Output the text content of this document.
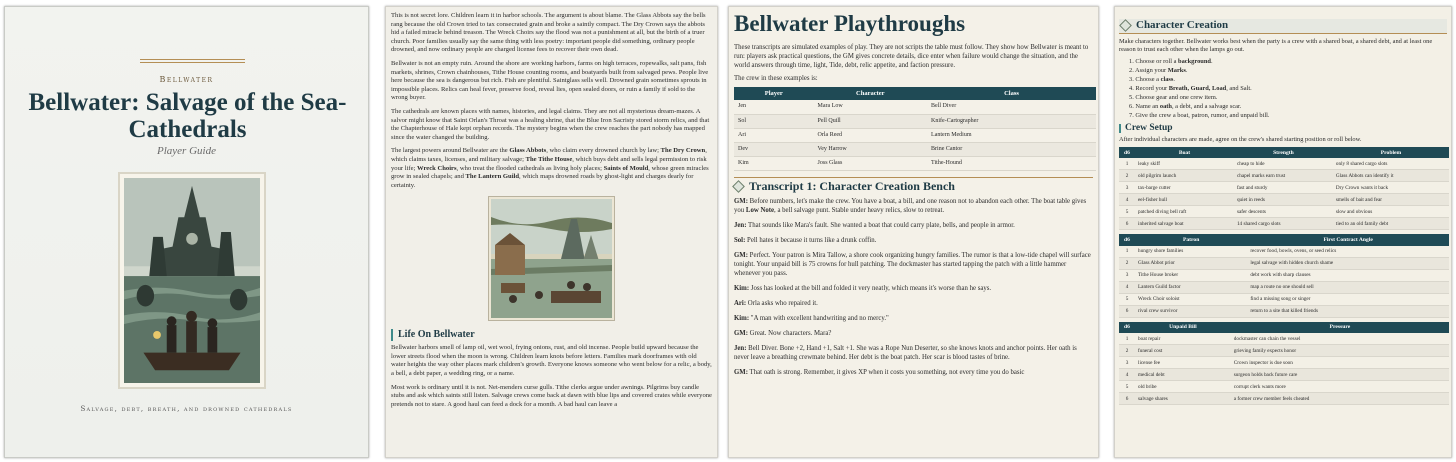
Bellwater
Bellwater: Salvage of the Sea-Cathedrals
Player Guide
Salvage, debt, breath, and drowned cathedrals

This is not secret lore. Children learn it in harbor schools. The argument is about blame. The Glass Abbots say the bells rang because the old Crown tried to tax consecrated grain and broke a saintly compact. The Dry Crown says the abbots hid a failed miracle behind treason. The Wreck Choirs say the flood was not a punishment at all, but the birth of a truer church. Poor families usually say the same thing with less poetry: important people did something, ordinary people drowned, and now ordinary people are charged license fees to recover their own dead.

Bellwater is not an empty ruin. Around the shore are working harbors, farms on high terraces, ropewalks, salt pans, fish markets, shrines, Crown chainhouses, Tithe House counting rooms, and boatyards built from salvaged pews. People live here because the sea is dangerous but rich. Fish are plentiful. Saintglass sells well. Drowned grain sometimes sprouts in impossible places. Relics can heal fever, preserve food, reveal lies, open sealed doors, or ruin a family if sold to the wrong buyer.

The cathedrals are known places with names, histories, and legal claims. They are not all mysterious dream-mazes. A salvor might know that Saint Orlan's Throat was a healing shrine, that the Blue Iron Sacristy stored storm relics, and that the Chapterhouse of Hale kept orphan records. The mystery begins when the crew reaches the part nobody has mapped since the water changed the building.

The largest powers around Bellwater are the Glass Abbots, who claim every drowned church by law; The Dry Crown, which claims taxes, licenses, and military salvage; The Tithe House, which buys debt and sells legal permission to risk your life; Wreck Choirs, who treat the flooded cathedrals as living holy places; Saints of Mould, whose green miracles grow in sealed chapels; and The Lantern Guild, which maps drowned roads by ghost-light and charges dearly for certainty.

Life On Bellwater

Bellwater harbors smell of lamp oil, wet wool, frying onions, rust, and old incense. People build upward because the lower streets flood when the moon is wrong. Children learn knots before letters. Families mark doorframes with old water heights the way other places mark children's growth. Everyone knows someone who went below for a relic, a body, a bell, a debt paper, a wedding ring, or a name.

Most work is ordinary until it is not. Net-menders curse gulls. Tithe clerks argue under awnings. Pilgrims buy candle stubs and ask which saints still listen. Salvage crews come back at dawn with blue lips and covered crates while everyone pretends not to stare. A good haul can feed a dock for a month. A bad haul can leave a

Bellwater Playthroughs

These transcripts are simulated examples of play. They are not scripts the table must follow. They show how Bellwater is meant to run: players ask practical questions, the GM gives concrete details, dice enter when failure would change the situation, and the world answers through time, light, Tide, debt, relic appetite, and faction pressure.

The crew in these examples is:

Player	Character	Class
Jen	Mara Low	Bell Diver
Sol	Pell Quill	Knife-Cartographer
Ari	Orla Reed	Lantern Medium
Dev	Vey Harrow	Brine Cantor
Kim	Joss Glass	Tithe-Hound
Transcript 1: Character Creation Bench

GM: Before numbers, let's make the crew. You have a boat, a bill, and one reason not to abandon each other. The boat table gives you Low Note, a bell salvage punt. Stable under heavy relics, slow to retreat.

Jen: That sounds like Mara's fault. She wanted a boat that could carry plate, bells, and people in armor.

Sol: Pell hates it because it turns like a drunk coffin.

GM: Perfect. Your patron is Mira Tallow, a shore cook organizing hungry families. The rumor is that a low-tide chapel will surface tonight. Your unpaid bill is 75 crowns for hull patching. The dockmaster has started tapping the patch with a little hammer whenever you pass.

Kim: Joss has looked at the bill and folded it very neatly, which means it's worse than he says.

Ari: Orla asks who repaired it.

Kim: "A man with excellent handwriting and no mercy."

GM: Great. Now characters. Mara?

Jen: Bell Diver. Bone +2, Hand +1, Salt +1. She was a Rope Nun Deserter, so she knows knots and anchor points. Her oath is never leave a breathing crewmate behind. Her debt is the boat patch. Her scar is blood tastes of brine.

GM: That oath is strong. Remember, it gives XP when it costs you something, not every time you do basic

Character Creation

Make characters together. Bellwater works best when the party is a crew with a shared boat, a shared debt, and at least one reason to trust each other when the lamps go out.

1. Choose or roll a background.
2. Assign your Marks.
3. Choose a class.
4. Record your Breath, Guard, Load, and Salt.
5. Choose gear and one crew item.
6. Name an oath, a debt, and a salvage scar.
7. Give the crew a boat, patron, rumor, and unpaid bill.
Crew Setup

After individual characters are made, agree on the crew's shared starting position or roll below.

d6	Boat	Strength	Problem
1	leaky skiff	cheap to hide	only 8 shared cargo slots
2	old pilgrim launch	chapel marks earn trust	Glass Abbots can identify it
3	tax-barge cutter	fast and sturdy	Dry Crown wants it back
4	eel-fisher hull	quiet in reeds	smells of bait and fear
5	patched diving bell raft	safer descents	slow and obvious
6	inherited salvage boat	14 shared cargo slots	tied to an old family debt
d6	Patron	First Contract Angle
1	hungry shore families	recover food, bowls, ovens, or seed relics
2	Glass Abbot prior	legal salvage with hidden church shame
3	Tithe House broker	debt work with sharp clauses
4	Lantern Guild factor	map a route no one should sell
5	Wreck Choir soloist	find a missing song or singer
6	rival crew survivor	return to a site that killed friends
d6	Unpaid Bill	Pressure
1	boat repair	dockmaster can chain the vessel
2	funeral cost	grieving family expects honor
3	license fee	Crown inspector is due soon
4	medical debt	surgeon holds back future care
5	old bribe	corrupt clerk wants more
6	salvage shares	a former crew member feels cheated
